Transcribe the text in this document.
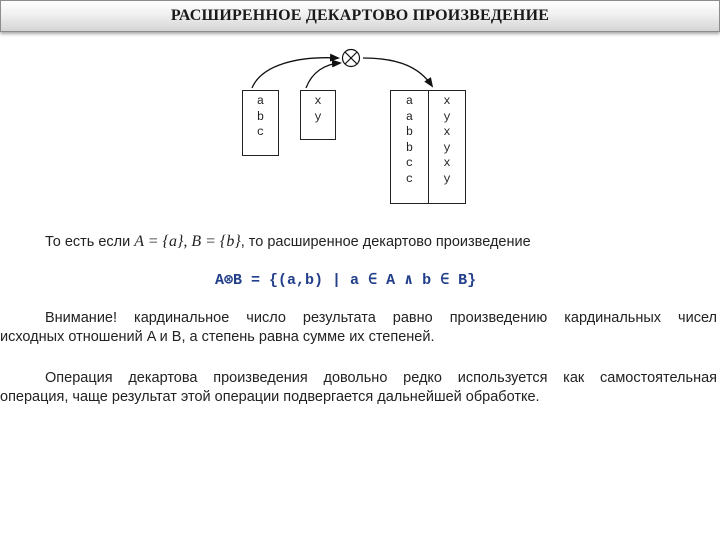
РАСШИРЕННОЕ ДЕКАРТОВО ПРОИЗВЕДЕНИЕ
a
b
c
x
y
a
a
b
b
c
c
x
y
x
y
x
y
То есть если A = {a}, B = {b}, то расширенное декартово произведение
A⊗B = {(a,b) | a ∈ A ∧ b ∈ B}
Внимание! кардинальное число результата равно произведению кардинальных чисел
исходных отношений A и B, а степень равна сумме их степеней.
Операция декартова произведения довольно редко используется как самостоятельная
операция, чаще результат этой операции подвергается дальнейшей обработке.
